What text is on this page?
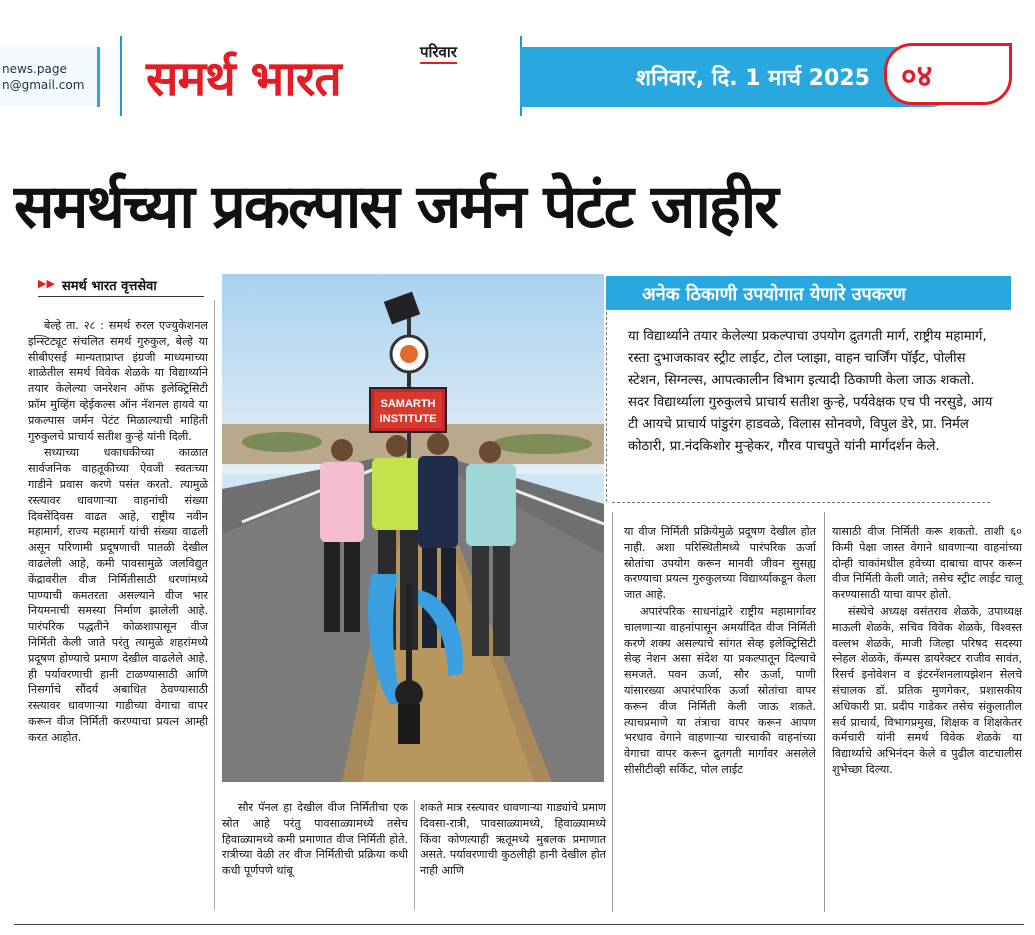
news.page
n@gmail.com समर्थ भारत	परिवार
शनिवार, दि. 1 मार्च 2025 ०४
समर्थच्या प्रकल्पास जर्मन पेटंट जाहीर
▶▶ समर्थ भारत वृत्तसेवा

बेल्हे ता. २८ : समर्थ रुरल एज्युकेशनल इन्स्टिट्यूट संचलित समर्थ गुरुकुल, बेल्हे या सीबीएसई मान्यताप्राप्त इंग्रजी माध्यमाच्या शाळेतील समर्थ विवेक शेळके या विद्यार्थ्याने तयार केलेल्या जनरेशन ऑफ इलेक्ट्रिसिटी फ्रॉम मुव्हिंग व्हेईकल्स ऑन नॅशनल हायवे या प्रकल्पास जर्मन पेटंट मिळाल्याची माहिती गुरुकुलचे प्राचार्य सतीश कुऱ्हे यांनी दिली.

सध्याच्या धकाधकीच्या काळात सार्वजनिक वाहतूकीच्या ऐवजी स्वतःच्या गाडीने प्रवास करणे पसंत करतो. त्यामुळे रस्त्यावर धावणाऱ्या वाहनांची संख्या दिवसेंदिवस वाढत आहे, राष्ट्रीय नवीन महामार्ग, राज्य महामार्ग यांची संख्या वाढली असून परिणामी प्रदूषणाची पातळी देखील वाढलेली आहे, कमी पावसामुळे जलविद्युत केंद्रावरील वीज निर्मितीसाठी धरणांमध्ये पाण्याची कमतरता असल्याने वीज भार नियमनाची समस्या निर्माण झालेली आहे. पारंपरिक पद्धतीने कोळशापासून वीज निर्मिती केली जाते परंतु त्यामुळे शहरांमध्ये प्रदूषण होण्याचे प्रमाण देखील वाढलेले आहे. ही पर्यावरणाची हानी टाळण्यासाठी आणि निसर्गाचे सौंदर्य अबाधित ठेवण्यासाठी रस्त्यावर धावणाऱ्या गाडीच्या वेगाचा वापर करून वीज निर्मिती करण्याचा प्रयत्न आम्ही करत आहोत.

SAMARTH
INSTITUTE

सौर पॅनल हा देखील वीज निर्मितीचा एक स्रोत आहे परंतु पावसाळ्यामध्ये तसेच हिवाळ्यामध्ये कमी प्रमाणात वीज निर्मिती होते. रात्रीच्या वेळी तर वीज निर्मितीची प्रक्रिया कधी कधी पूर्णपणे थांबू

शकते मात्र रस्त्यावर धावणाऱ्या गाड्यांचे प्रमाण दिवसा-रात्री, पावसाळ्यामध्ये, हिवाळ्यामध्ये किंवा कोणत्याही ऋतूमध्ये मुबलक प्रमाणात असते. पर्यावरणाची कुठलीही हानी देखील होत नाही आणि

अनेक ठिकाणी उपयोगात येणारे उपकरण
या विद्यार्थ्याने तयार केलेल्या प्रकल्पाचा उपयोग द्रुतगती मार्ग, राष्ट्रीय महामार्ग, रस्ता दुभाजकावर स्ट्रीट लाईट, टोल प्लाझा, वाहन चार्जिंग पॉईंट, पोलीस स्टेशन, सिग्नल्स, आपत्कालीन विभाग इत्यादी ठिकाणी केला जाऊ शकतो. सदर विद्यार्थ्याला गुरुकुलचे प्राचार्य सतीश कुऱ्हे, पर्यवेक्षक एच पी नरसुडे, आय टी आयचे प्राचार्य पांडुरंग हाडवळे, विलास सोनवणे, विपुल डेरे, प्रा. निर्मल कोठारी, प्रा.नंदकिशोर मुऱ्हेकर, गौरव पाचपुते यांनी मार्गदर्शन केले.

या वीज निर्मिती प्रक्रियेमुळे प्रदूषण देखील होत नाही. अशा परिस्थितीमध्ये पारंपरिक ऊर्जा स्रोतांचा उपयोग करून मानवी जीवन सुसह्य करण्याचा प्रयत्न गुरुकुलच्या विद्यार्थ्याकडून केला जात आहे.

अपारंपरिक साधनांद्वारे राष्ट्रीय महामार्गावर चालणाऱ्या वाहनांपासून अमर्यादित वीज निर्मिती करणे शक्य असल्याचे सांगत सेव्ह इलेक्ट्रिसिटी सेव्ह नेशन असा संदेश या प्रकल्पातून दिल्याचे समजते. पवन ऊर्जा, सौर ऊर्जा, पाणी यांसारख्या अपारंपारिक ऊर्जा स्रोतांचा वापर करून वीज निर्मिती केली जाऊ शकते. त्याचप्रमाणे या तंत्राचा वापर करून आपण भरधाव वेगाने वाहणाऱ्या चारचाकी वाहनांच्या वेगाचा वापर करून द्रुतगती मार्गावर असलेले सीसीटीव्ही सर्किट, पोल लाईट

यासाठी वीज निर्मिती करू शकतो. ताशी ६० किमी पेक्षा जास्त वेगाने धावणाऱ्या वाहनांच्या दोन्ही चाकांमधील हवेच्या दाबाचा वापर करून वीज निर्मिती केली जाते; तसेच स्ट्रीट लाईट चालू करण्यासाठी याचा वापर होतो.

संस्थेचे अध्यक्ष वसंतराव शेळके, उपाध्यक्ष माऊली शेळके, सचिव विवेक शेळके, विश्वस्त वल्लभ शेळके, माजी जिल्हा परिषद सदस्या स्नेहल शेळके, कॅम्पस डायरेक्टर राजीव सावंत, रिसर्च इनोवेशन व इंटरनॅशनलायझेशन सेलचे संचालक डॉ. प्रतिक मुणगेकर, प्रशासकीय अधिकारी प्रा. प्रदीप गाडेकर तसेच संकुलातील सर्व प्राचार्य, विभागप्रमुख, शिक्षक व शिक्षकेतर कर्मचारी यांनी समर्थ विवेक शेळके या विद्यार्थ्याचे अभिनंदन केले व पुढील वाटचालीस शुभेच्छा दिल्या.
